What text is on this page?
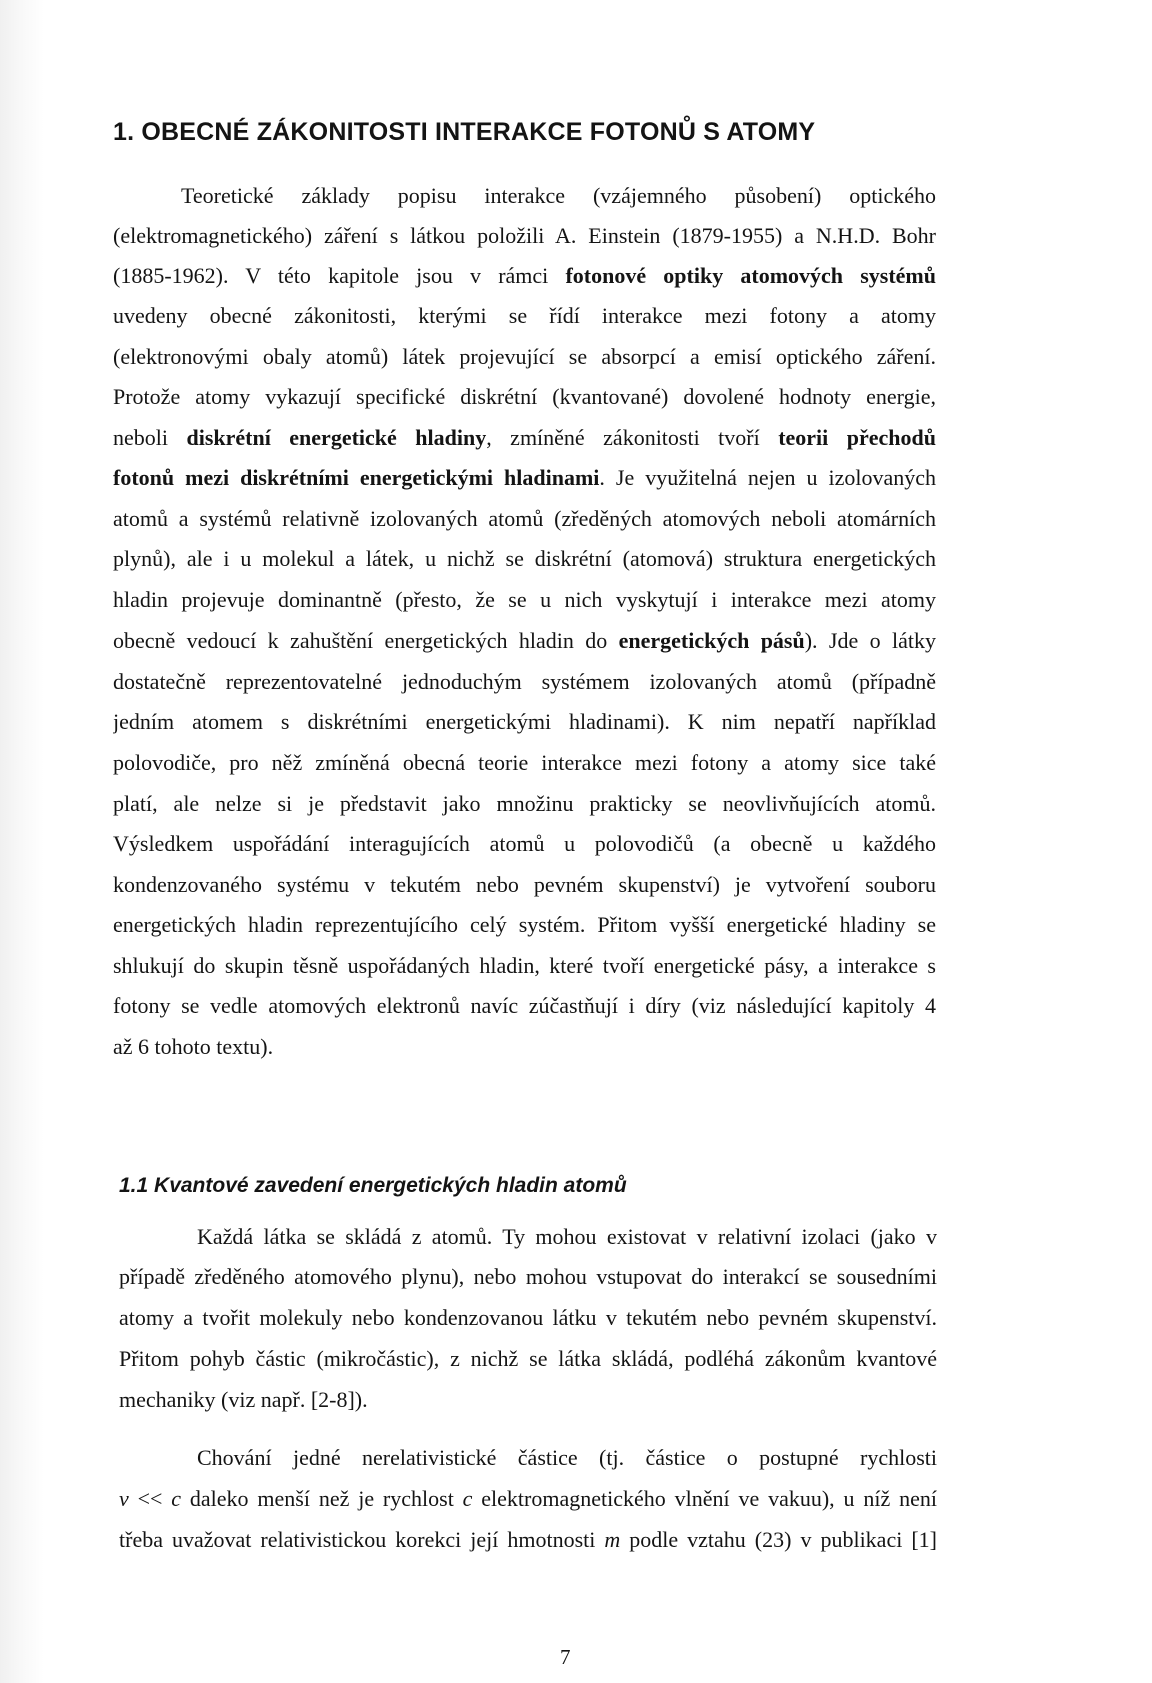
1. OBECNÉ ZÁKONITOSTI INTERAKCE FOTONŮ S ATOMY
Teoretické základy popisu interakce (vzájemného působení) optického
(elektromagnetického) záření s látkou položili A. Einstein (1879-1955) a N.H.D. Bohr
(1885-1962). V této kapitole jsou v rámci fotonové optiky atomových systémů
uvedeny obecné zákonitosti, kterými se řídí interakce mezi fotony a atomy
(elektronovými obaly atomů) látek projevující se absorpcí a emisí optického záření.
Protože atomy vykazují specifické diskrétní (kvantované) dovolené hodnoty energie,
neboli diskrétní energetické hladiny, zmíněné zákonitosti tvoří teorii přechodů
fotonů mezi diskrétními energetickými hladinami. Je využitelná nejen u izolovaných
atomů a systémů relativně izolovaných atomů (zředěných atomových neboli atomárních
plynů), ale i u molekul a látek, u nichž se diskrétní (atomová) struktura energetických
hladin projevuje dominantně (přesto, že se u nich vyskytují i interakce mezi atomy
obecně vedoucí k zahuštění energetických hladin do energetických pásů). Jde o látky
dostatečně reprezentovatelné jednoduchým systémem izolovaných atomů (případně
jedním atomem s diskrétními energetickými hladinami). K nim nepatří například
polovodiče, pro něž zmíněná obecná teorie interakce mezi fotony a atomy sice také
platí, ale nelze si je představit jako množinu prakticky se neovlivňujících atomů.
Výsledkem uspořádání interagujících atomů u polovodičů (a obecně u každého
kondenzovaného systému v tekutém nebo pevném skupenství) je vytvoření souboru
energetických hladin reprezentujícího celý systém. Přitom vyšší energetické hladiny se
shlukují do skupin těsně uspořádaných hladin, které tvoří energetické pásy, a interakce s
fotony se vedle atomových elektronů navíc zúčastňují i díry (viz následující kapitoly 4
až 6 tohoto textu).
1.1 Kvantové zavedení energetických hladin atomů
Každá látka se skládá z atomů. Ty mohou existovat v relativní izolaci (jako v
případě zředěného atomového plynu), nebo mohou vstupovat do interakcí se sousedními
atomy a tvořit molekuly nebo kondenzovanou látku v tekutém nebo pevném skupenství.
Přitom pohyb částic (mikročástic), z nichž se látka skládá, podléhá zákonům kvantové
mechaniky (viz např. [2-8]).
Chování jedné nerelativistické částice (tj. částice o postupné rychlosti
v << c daleko menší než je rychlost c elektromagnetického vlnění ve vakuu), u níž není
třeba uvažovat relativistickou korekci její hmotnosti m podle vztahu (23) v publikaci [1]
7
